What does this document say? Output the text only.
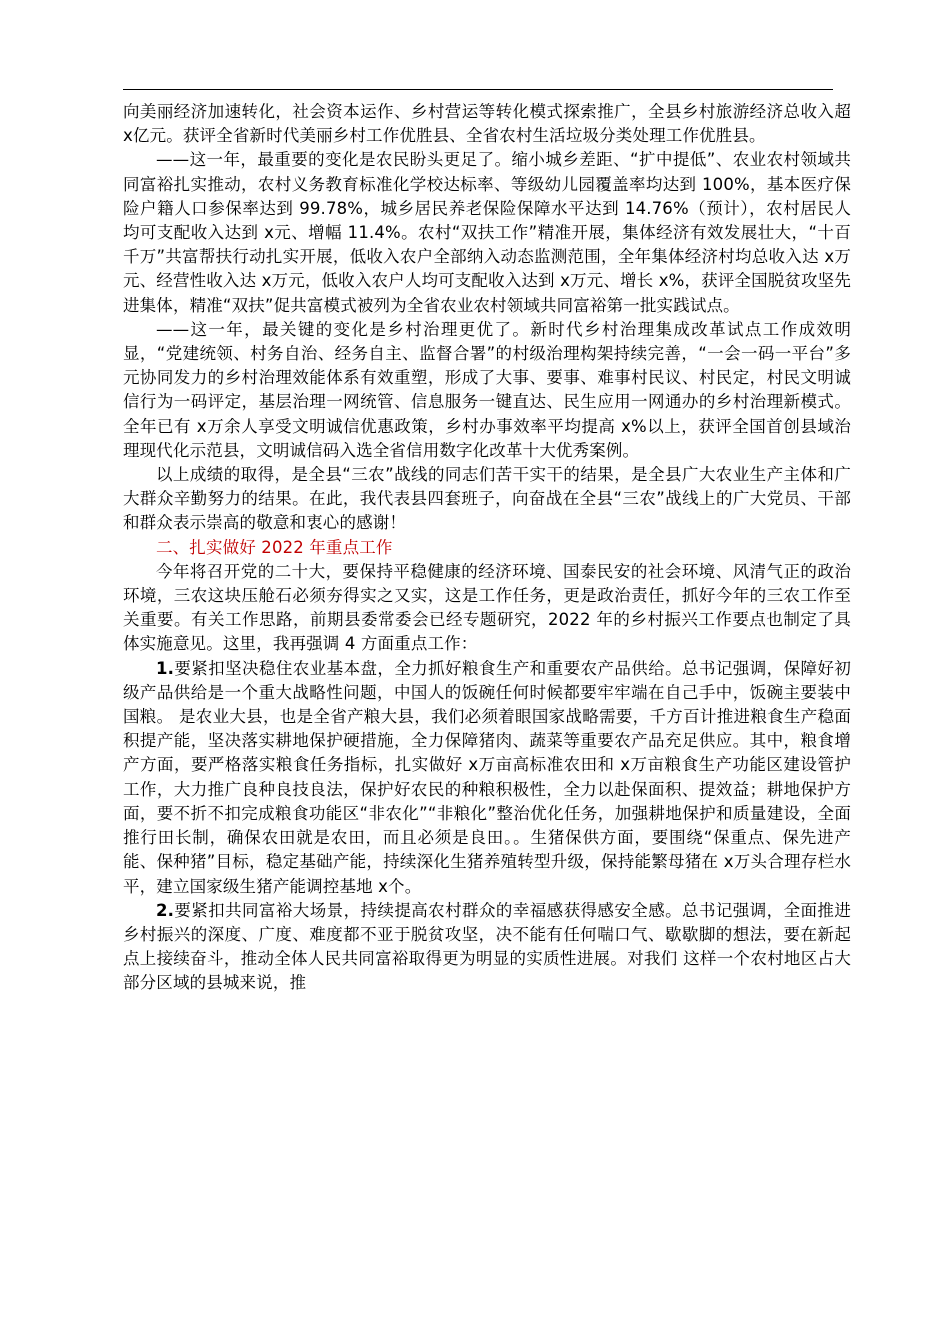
向美丽经济加速转化，社会资本运作、乡村营运等转化模式探索推广，全县乡村旅游经济总收入超 x亿元。获评全省新时代美丽乡村工作优胜县、全省农村生活垃圾分类处理工作优胜县。

——这一年，最重要的变化是农民盼头更足了。缩小城乡差距、“扩中提低”、农业农村领域共同富裕扎实推动，农村义务教育标准化学校达标率、等级幼儿园覆盖率均达到 100%，基本医疗保险户籍人口参保率达到 99.78%，城乡居民养老保险保障水平达到 14.76%（预计），农村居民人均可支配收入达到 x元、增幅 11.4%。农村“双扶工作”精准开展，集体经济有效发展壮大，“十百千万”共富帮扶行动扎实开展，低收入农户全部纳入动态监测范围，全年集体经济村均总收入达 x万元、经营性收入达 x万元，低收入农户人均可支配收入达到 x万元、增长 x%，获评全国脱贫攻坚先进集体，精准“双扶”促共富模式被列为全省农业农村领域共同富裕第一批实践试点。

——这一年，最关键的变化是乡村治理更优了。新时代乡村治理集成改革试点工作成效明显，“党建统领、村务自治、经务自主、监督合署”的村级治理构架持续完善，“一会一码一平台”多元协同发力的乡村治理效能体系有效重塑，形成了大事、要事、难事村民议、村民定，村民文明诚信行为一码评定，基层治理一网统管、信息服务一键直达、民生应用一网通办的乡村治理新模式。全年已有 x万余人享受文明诚信优惠政策，乡村办事效率平均提高 x%以上，获评全国首创县域治理现代化示范县，文明诚信码入选全省信用数字化改革十大优秀案例。

以上成绩的取得，是全县“三农”战线的同志们苦干实干的结果，是全县广大农业生产主体和广大群众辛勤努力的结果。在此，我代表县四套班子，向奋战在全县“三农”战线上的广大党员、干部和群众表示崇高的敬意和衷心的感谢！

二、扎实做好 2022 年重点工作

今年将召开党的二十大，要保持平稳健康的经济环境、国泰民安的社会环境、风清气正的政治环境，三农这块压舱石必须夯得实之又实，这是工作任务，更是政治责任，抓好今年的三农工作至关重要。有关工作思路，前期县委常委会已经专题研究，2022 年的乡村振兴工作要点也制定了具体实施意见。这里，我再强调 4 方面重点工作：

1.要紧扣坚决稳住农业基本盘，全力抓好粮食生产和重要农产品供给。总书记强调，保障好初级产品供给是一个重大战略性问题，中国人的饭碗任何时候都要牢牢端在自己手中，饭碗主要装中国粮。 是农业大县，也是全省产粮大县，我们必须着眼国家战略需要，千方百计推进粮食生产稳面积提产能，坚决落实耕地保护硬措施，全力保障猪肉、蔬菜等重要农产品充足供应。其中，粮食增产方面，要严格落实粮食任务指标，扎实做好 x万亩高标准农田和 x万亩粮食生产功能区建设管护工作，大力推广良种良技良法，保护好农民的种粮积极性，全力以赴保面积、提效益；耕地保护方面，要不折不扣完成粮食功能区“非农化”“非粮化”整治优化任务，加强耕地保护和质量建设，全面推行田长制，确保农田就是农田，而且必须是良田。。生猪保供方面，要围绕“保重点、保先进产能、保种猪”目标，稳定基础产能，持续深化生猪养殖转型升级，保持能繁母猪在 x万头合理存栏水平，建立国家级生猪产能调控基地 x个。

2.要紧扣共同富裕大场景，持续提高农村群众的幸福感获得感安全感。总书记强调，全面推进乡村振兴的深度、广度、难度都不亚于脱贫攻坚，决不能有任何喘口气、歇歇脚的想法，要在新起点上接续奋斗，推动全体人民共同富裕取得更为明显的实质性进展。对我们 这样一个农村地区占大部分区域的县城来说，推
